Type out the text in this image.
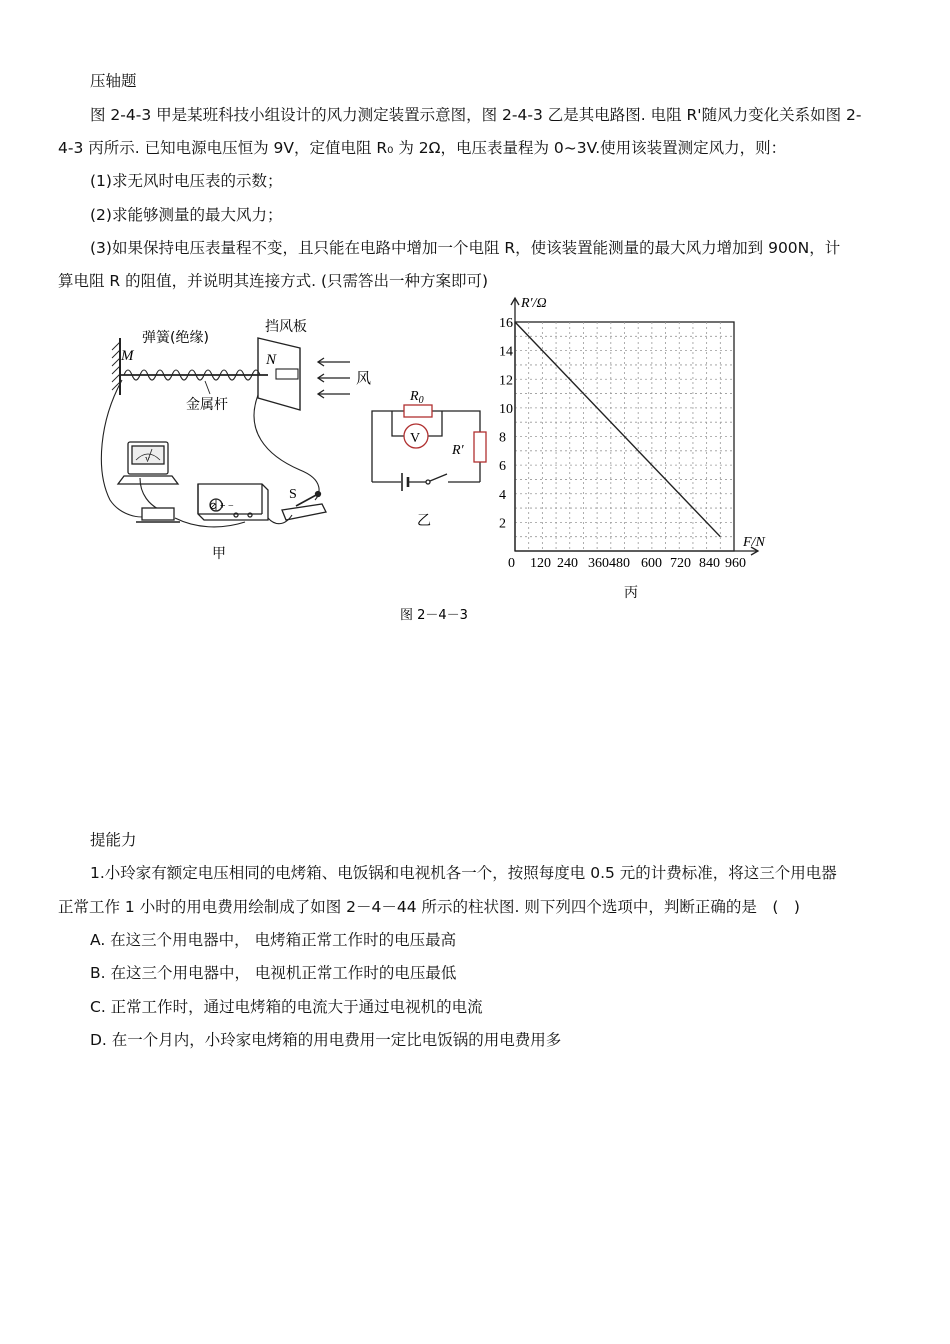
压轴题
图 2-4-3 甲是某班科技小组设计的风力测定装置示意图，图 2-4-3 乙是其电路图. 电阻 R'随风力变化关系如图 2-
4-3 丙所示. 已知电源电压恒为 9V，定值电阻 R₀ 为 2Ω，电压表量程为 0~3V.使用该装置测定风力，则：
(1)求无风时电压表的示数；
(2)求能够测量的最大风力；
(3)如果保持电压表量程不变，且只能在电路中增加一个电阻 R，使该装置能测量的最大风力增加到 900N，计
算电阻 R 的阻值，并说明其连接方式. (只需答出一种方案即可)
弹簧(绝缘)
M
挡风板
N
风
金属杆
S
V
⊘ + −
甲
$R_0$
V
R′
乙
R′/Ω
F/N
0
2
4
6
8
10
12
14
16
120 240 360480 600 720 840 960
丙
图 2－4－3
提能力
1.小玲家有额定电压相同的电烤箱、电饭锅和电视机各一个，按照每度电 0.5 元的计费标准，将这三个用电器
正常工作 1 小时的用电费用绘制成了如图 2－4－44 所示的柱状图. 则下列四个选项中，判断正确的是　(　)
A. 在这三个用电器中， 电烤箱正常工作时的电压最高
B. 在这三个用电器中， 电视机正常工作时的电压最低
C. 正常工作时，通过电烤箱的电流大于通过电视机的电流
D. 在一个月内，小玲家电烤箱的用电费用一定比电饭锅的用电费用多
